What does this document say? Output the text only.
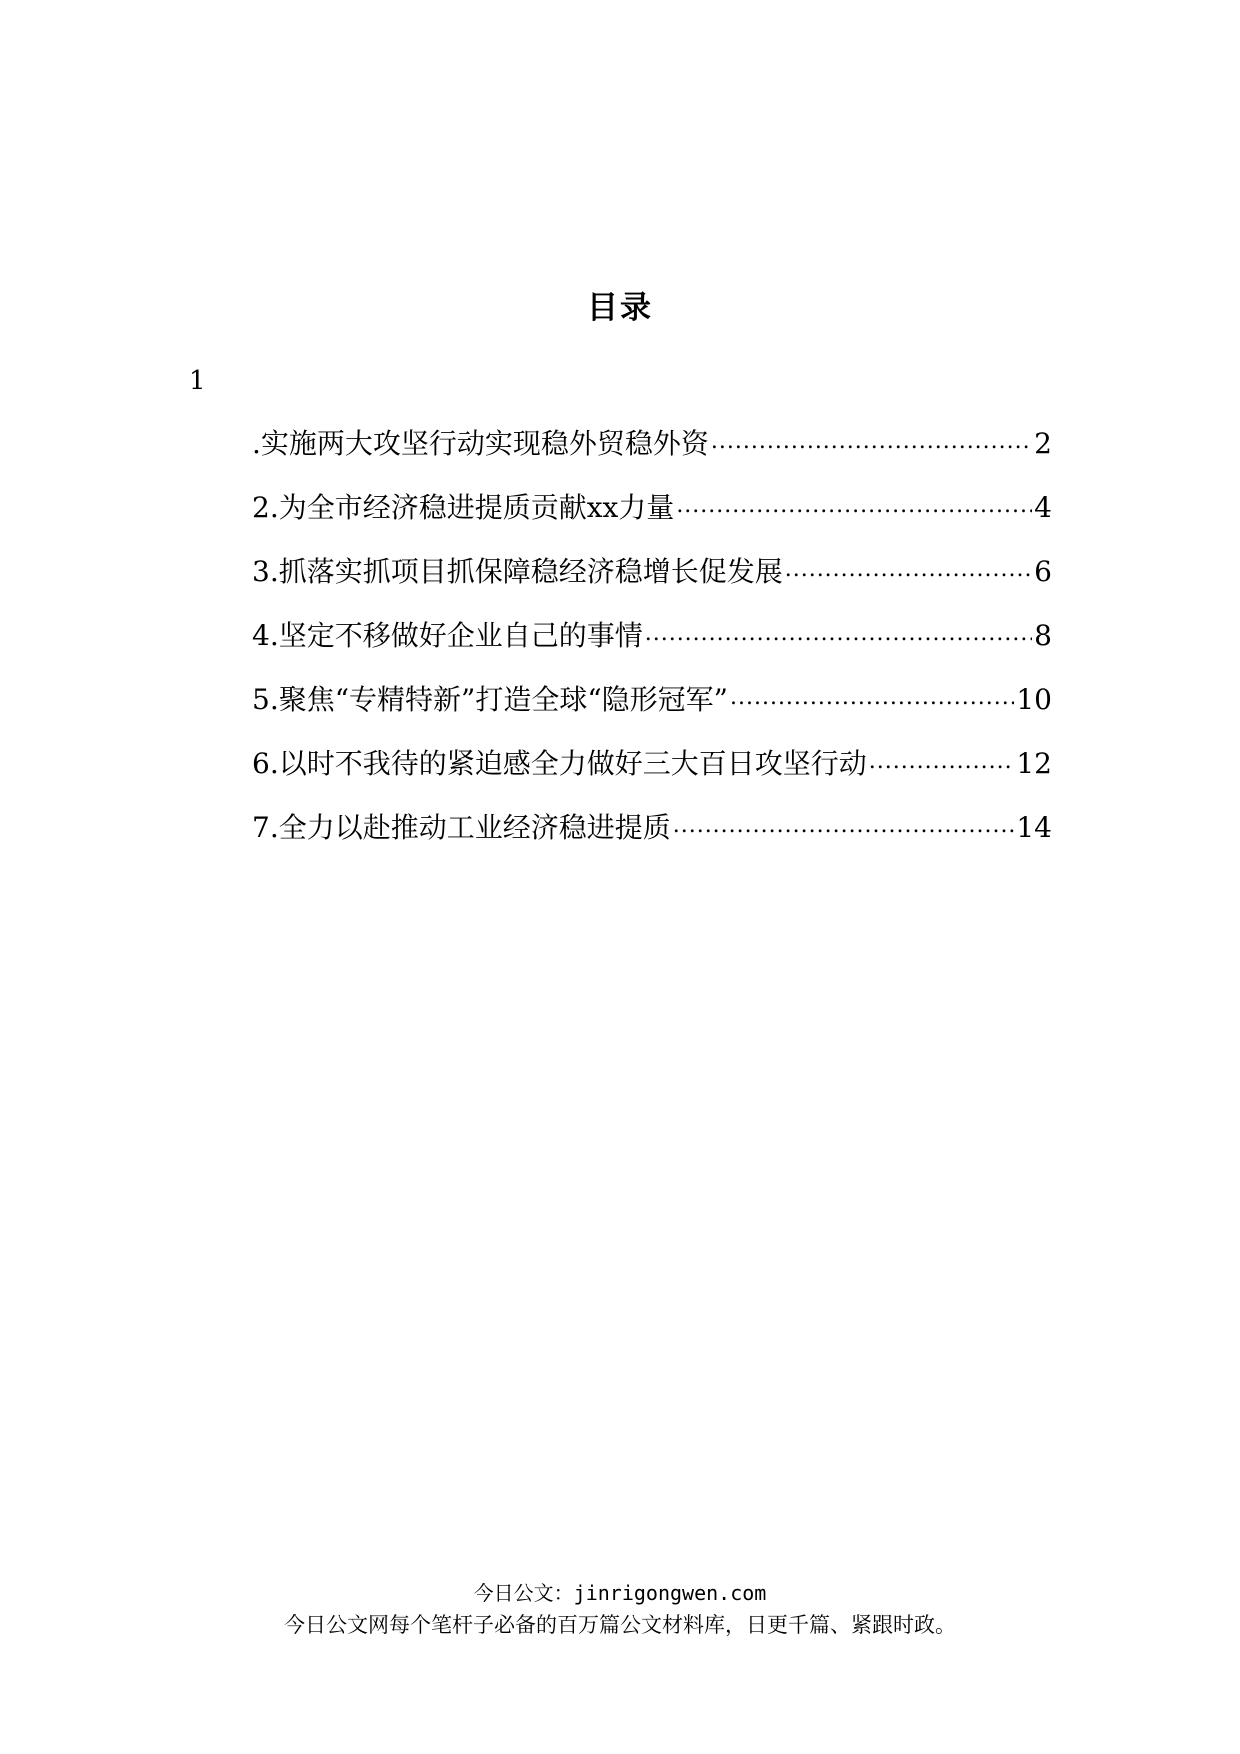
目录
1
.实施两大攻坚行动实现稳外贸稳外资 .....	2
2.为全市经济稳进提质贡献xx力量 .....	4
3.抓落实抓项目抓保障稳经济稳增长促发展 .....	6
4.坚定不移做好企业自己的事情 .....	8
5.聚焦“专精特新”打造全球“隐形冠军” .....	10
6.以时不我待的紧迫感全力做好三大百日攻坚行动 .....	12
7.全力以赴推动工业经济稳进提质 .....	14
今日公文：jinrigongwen.com
今日公文网每个笔杆子必备的百万篇公文材料库，日更千篇、紧跟时政。
